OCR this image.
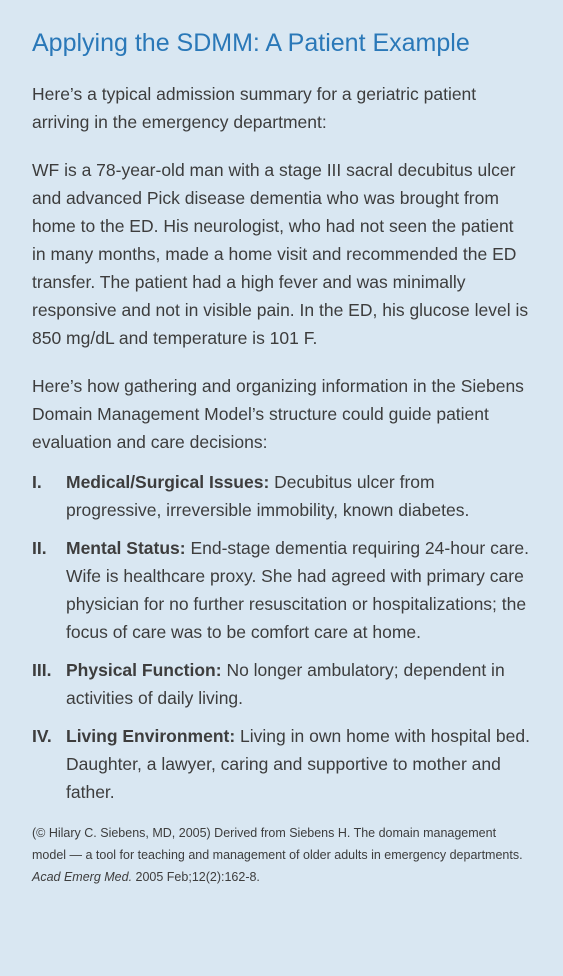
Applying the SDMM: A Patient Example

Here’s a typical admission summary for a geriatric patient arriving in the emergency department:

WF is a 78-year-old man with a stage III sacral decubitus ulcer and advanced Pick disease dementia who was brought from home to the ED. His neurologist, who had not seen the patient in many months, made a home visit and recommended the ED transfer. The patient had a high fever and was minimally responsive and not in visible pain. In the ED, his glucose level is 850 mg/dL and temperature is 101 F.

Here’s how gathering and organizing information in the Siebens Domain Management Model’s structure could guide patient evaluation and care decisions:

I.	Medical/Surgical Issues: Decubitus ulcer from progressive, irreversible immobility, known diabetes.
II.	Mental Status: End-stage dementia requiring 24-hour care. Wife is healthcare proxy. She had agreed with primary care physician for no further resuscitation or hospitalizations; the focus of care was to be comfort care at home.
III. Physical Function: No longer ambulatory; dependent in activities of daily living.
IV. Living Environment: Living in own home with hospital bed. Daughter, a lawyer, caring and supportive to mother and father.

(© Hilary C. Siebens, MD, 2005) Derived from Siebens H. The domain management model — a tool for teaching and management of older adults in emergency departments. Acad Emerg Med. 2005 Feb;12(2):162-8.
